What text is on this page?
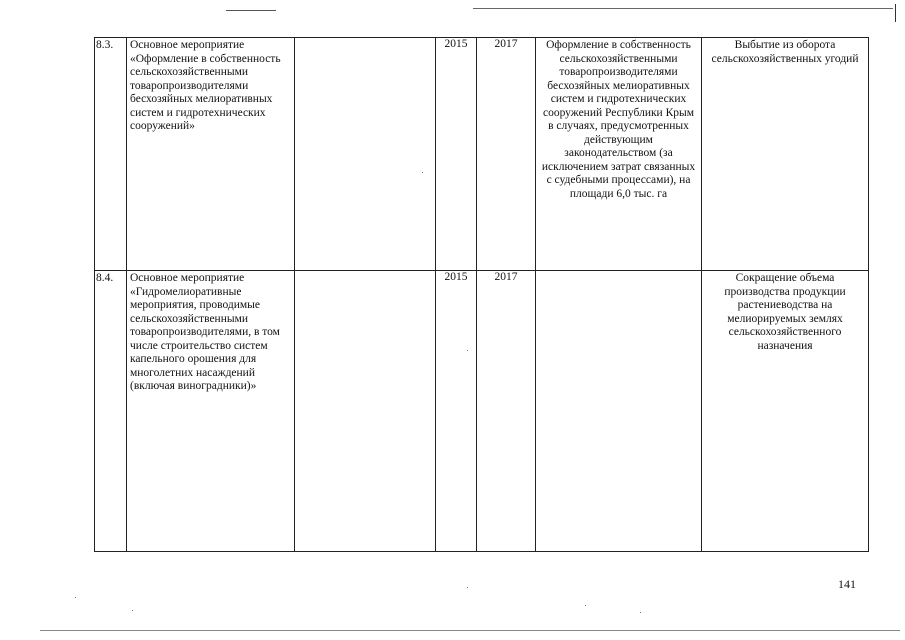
8.3.	Основное мероприятие «Оформление в собственность сельскохозяйственными товаропроизводителями бесхозяйных мелиоративных систем и гидротехнических сооружений»		2015	2017	Оформление в собственность сельскохозяйственными товаропроизводителями бесхозяйных мелиоративных систем и гидротехнических сооружений Республики Крым в случаях, предусмотренных действующим законодательством (за исключением затрат связанных с судебными процессами), на площади 6,0 тыс. га	Выбытие из оборота сельскохозяйственных угодий
8.4.	Основное мероприятие «Гидромелиоративные мероприятия, проводимые сельскохозяйственными товаропроизводителями, в том числе строительство систем капельного орошения для многолетних насаждений (включая виноградники)»		2015	2017		Сокращение объема производства продукции растениеводства на мелиорируемых землях сельскохозяйственного назначения
141
